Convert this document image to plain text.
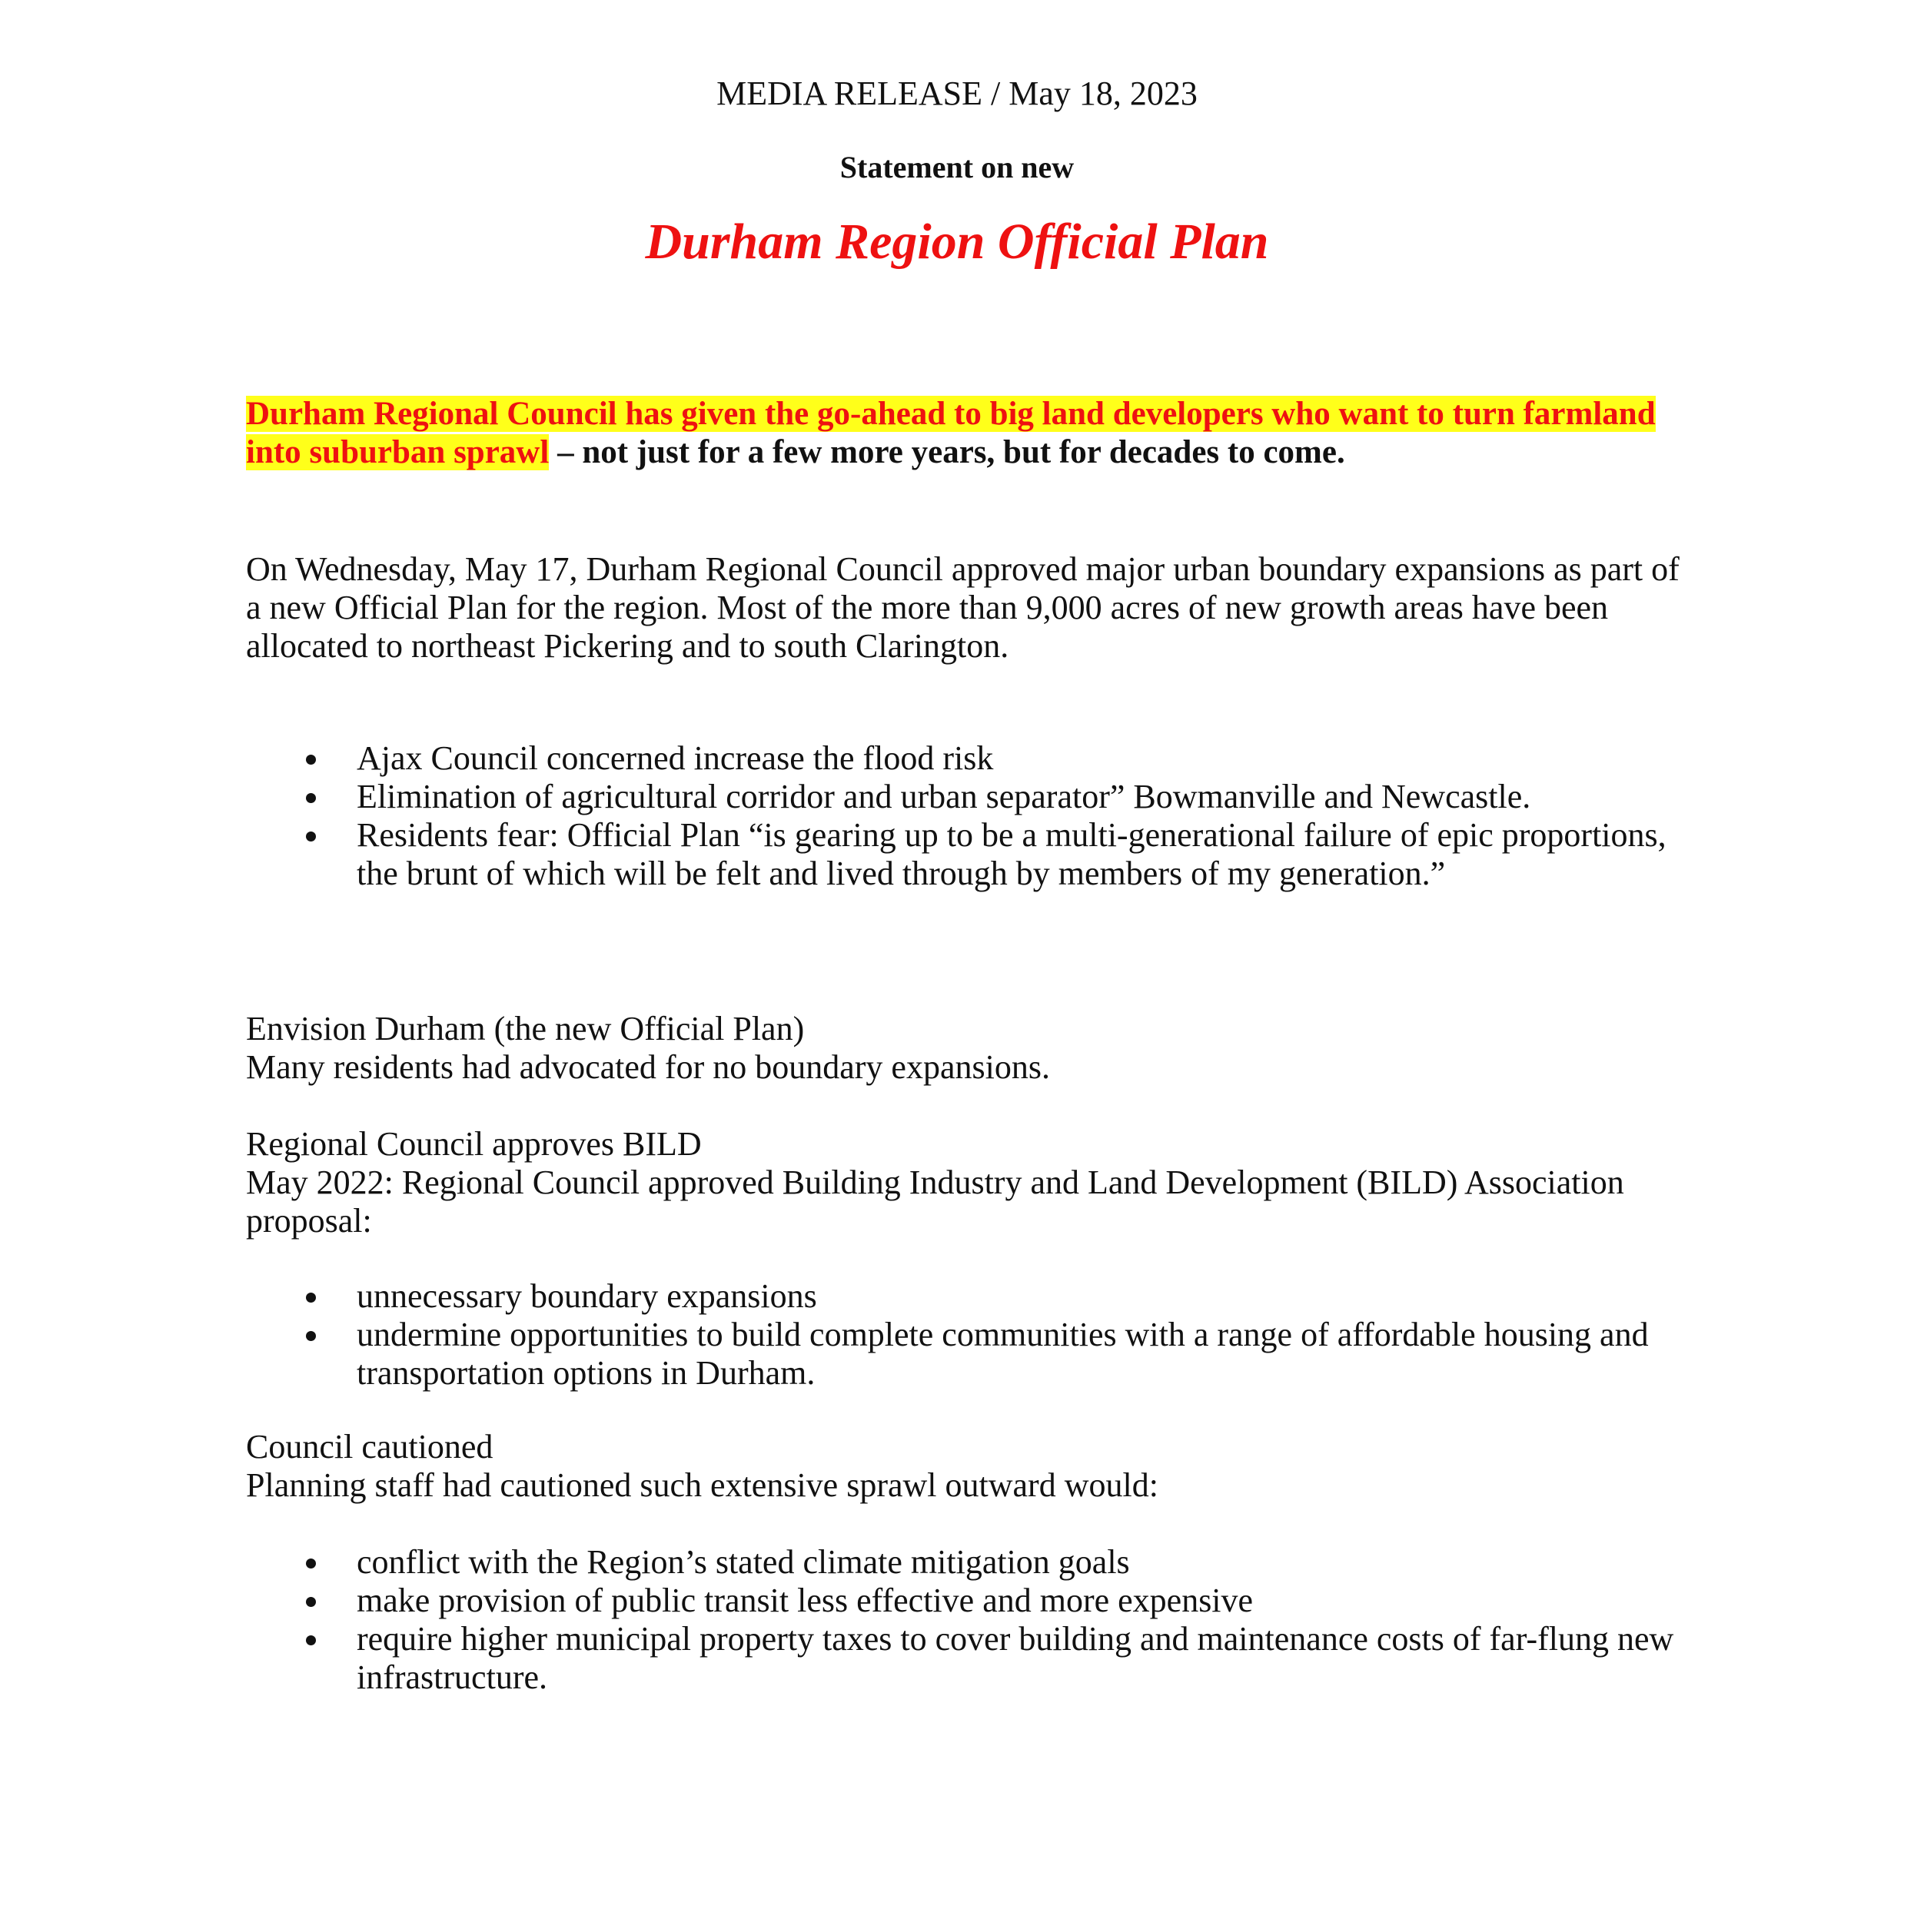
MEDIA RELEASE / May 18, 2023

Statement on new

Durham Region Official Plan

Durham Regional Council has given the go-ahead to big land developers who want to turn farmland into suburban sprawl – not just for a few more years, but for decades to come.

On Wednesday, May 17, Durham Regional Council approved major urban boundary expansions as part of a new Official Plan for the region. Most of the more than 9,000 acres of new growth areas have been allocated to northeast Pickering and to south Clarington.

Ajax Council concerned increase the flood risk
Elimination of agricultural corridor and urban separator” Bowmanville and Newcastle.
Residents fear: Official Plan “is gearing up to be a multi-generational failure of epic proportions, the brunt of which will be felt and lived through by members of my generation.”
Envision Durham (the new Official Plan)
Many residents had advocated for no boundary expansions.
Regional Council approves BILD
May 2022: Regional Council approved Building Industry and Land Development (BILD) Association proposal:
unnecessary boundary expansions
undermine opportunities to build complete communities with a range of affordable housing and transportation options in Durham.
Council cautioned
Planning staff had cautioned such extensive sprawl outward would:
conflict with the Region’s stated climate mitigation goals
make provision of public transit less effective and more expensive
require higher municipal property taxes to cover building and maintenance costs of far-flung new infrastructure.
